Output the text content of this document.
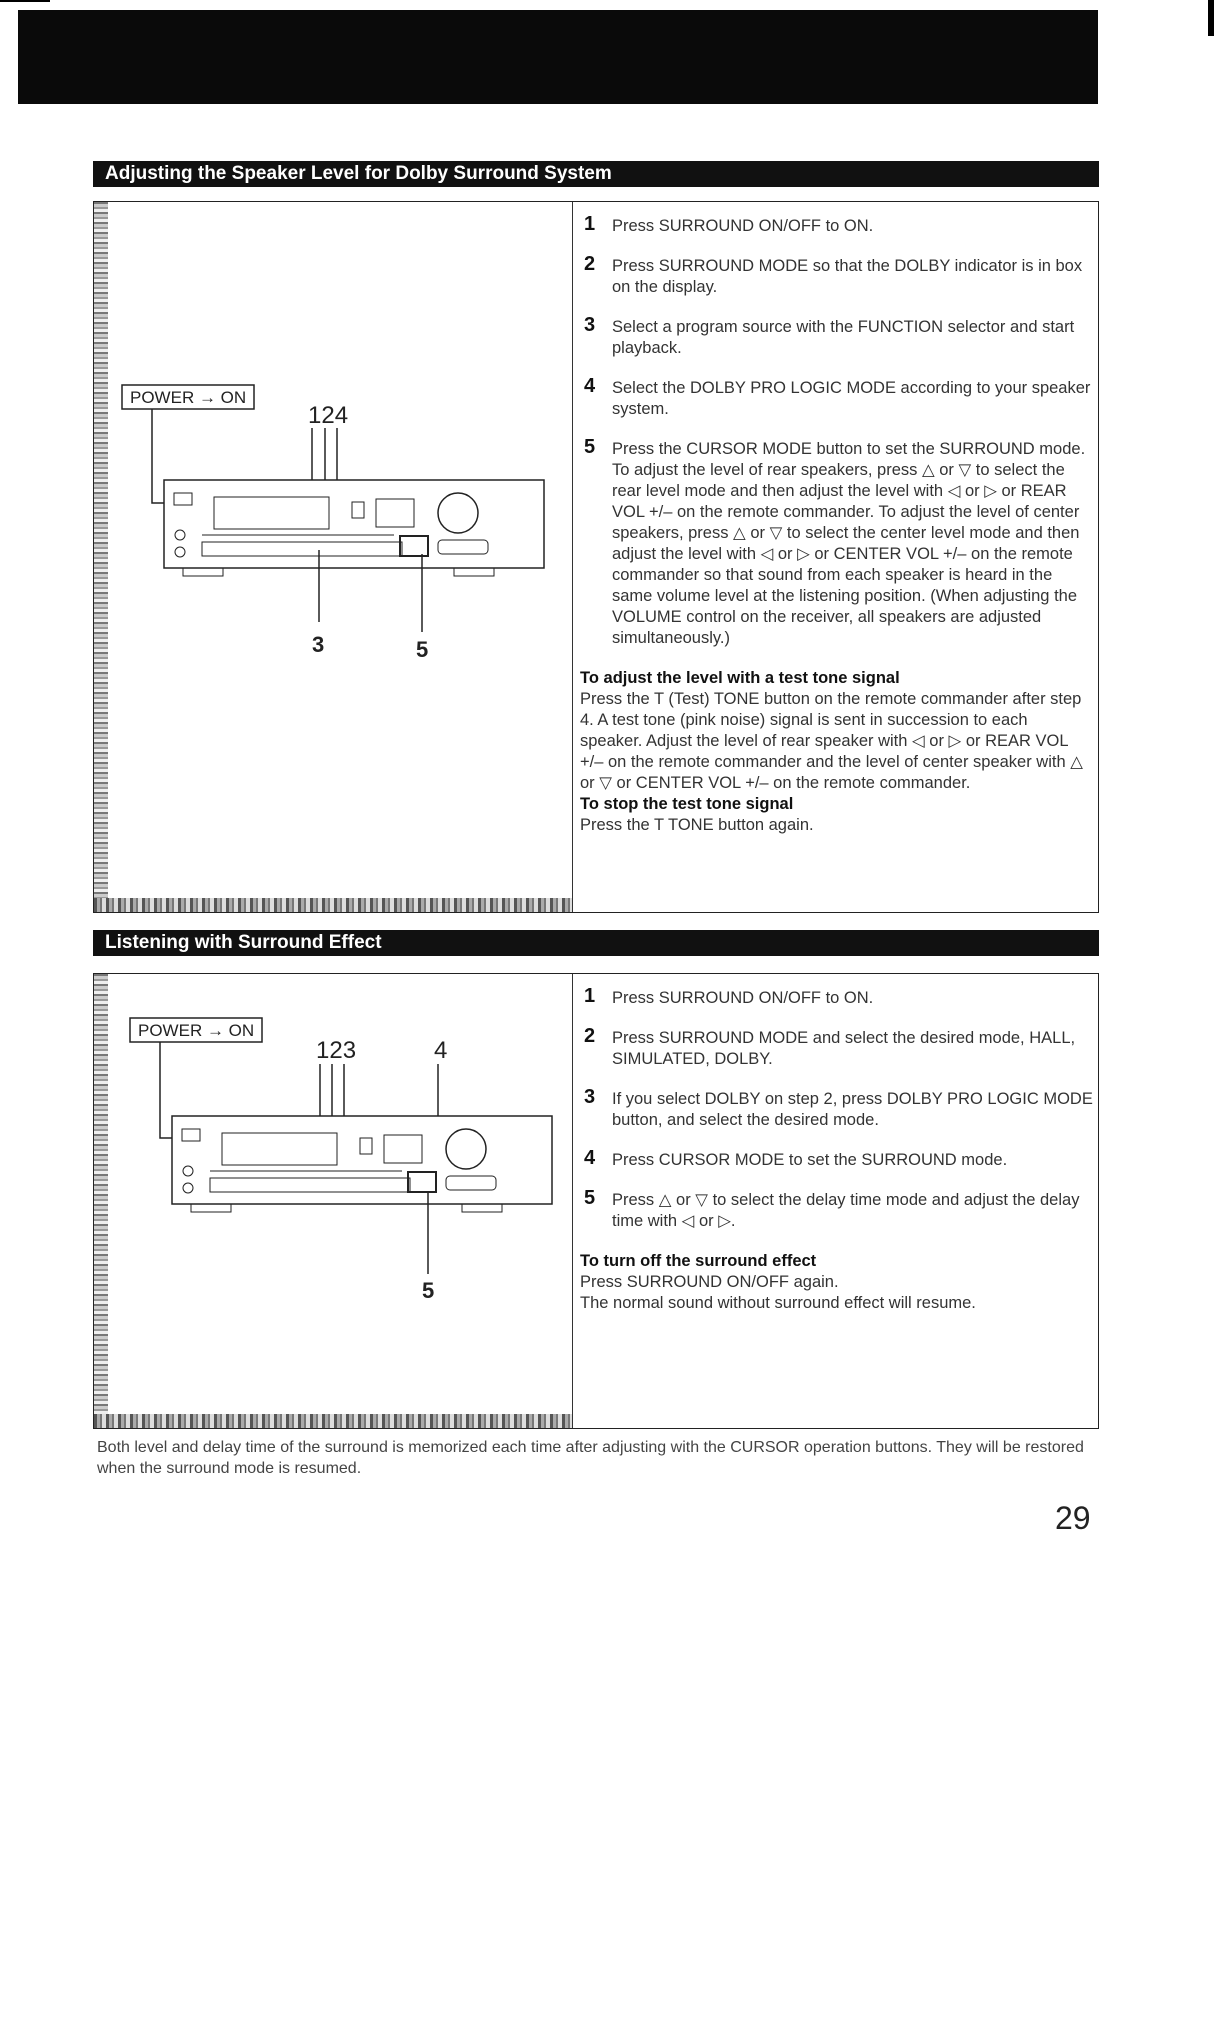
Adjusting the Speaker Level for Dolby Surround System
POWER → ON
124
3	5
1 Press SURROUND ON/OFF to ON.
2 Press SURROUND MODE so that the DOLBY indicator is in box on the display.
3 Select a program source with the FUNCTION selector and start playback.
4 Select the DOLBY PRO LOGIC MODE according to your speaker system.
5 Press the CURSOR MODE button to set the SURROUND mode. To adjust the level of rear speakers, press △ or ▽ to select the rear level mode and then adjust the level with ◁ or ▷ or REAR VOL +/– on the remote commander. To adjust the level of center speakers, press △ or ▽ to select the center level mode and then adjust the level with ◁ or ▷ or CENTER VOL +/– on the remote commander so that sound from each speaker is heard in the same volume level at the listening position. (When adjusting the VOLUME control on the receiver, all speakers are adjusted simultaneously.)
To adjust the level with a test tone signal
Press the T (Test) TONE button on the remote commander after step 4. A test tone (pink noise) signal is sent in succession to each speaker. Adjust the level of rear speaker with ◁ or ▷ or REAR VOL +/– on the remote commander and the level of center speaker with △ or ▽ or CENTER VOL +/– on the remote commander.
To stop the test tone signal
Press the T TONE button again.
Listening with Surround Effect
POWER → ON
123	4
5
1 Press SURROUND ON/OFF to ON.
2 Press SURROUND MODE and select the desired mode, HALL, SIMULATED, DOLBY.
3 If you select DOLBY on step 2, press DOLBY PRO LOGIC MODE button, and select the desired mode.
4 Press CURSOR MODE to set the SURROUND mode.
5 Press △ or ▽ to select the delay time mode and adjust the delay time with ◁ or ▷.
To turn off the surround effect
Press SURROUND ON/OFF again.
The normal sound without surround effect will resume.
Both level and delay time of the surround is memorized each time after adjusting with the CURSOR operation buttons. They will be restored when the surround mode is resumed.
29
